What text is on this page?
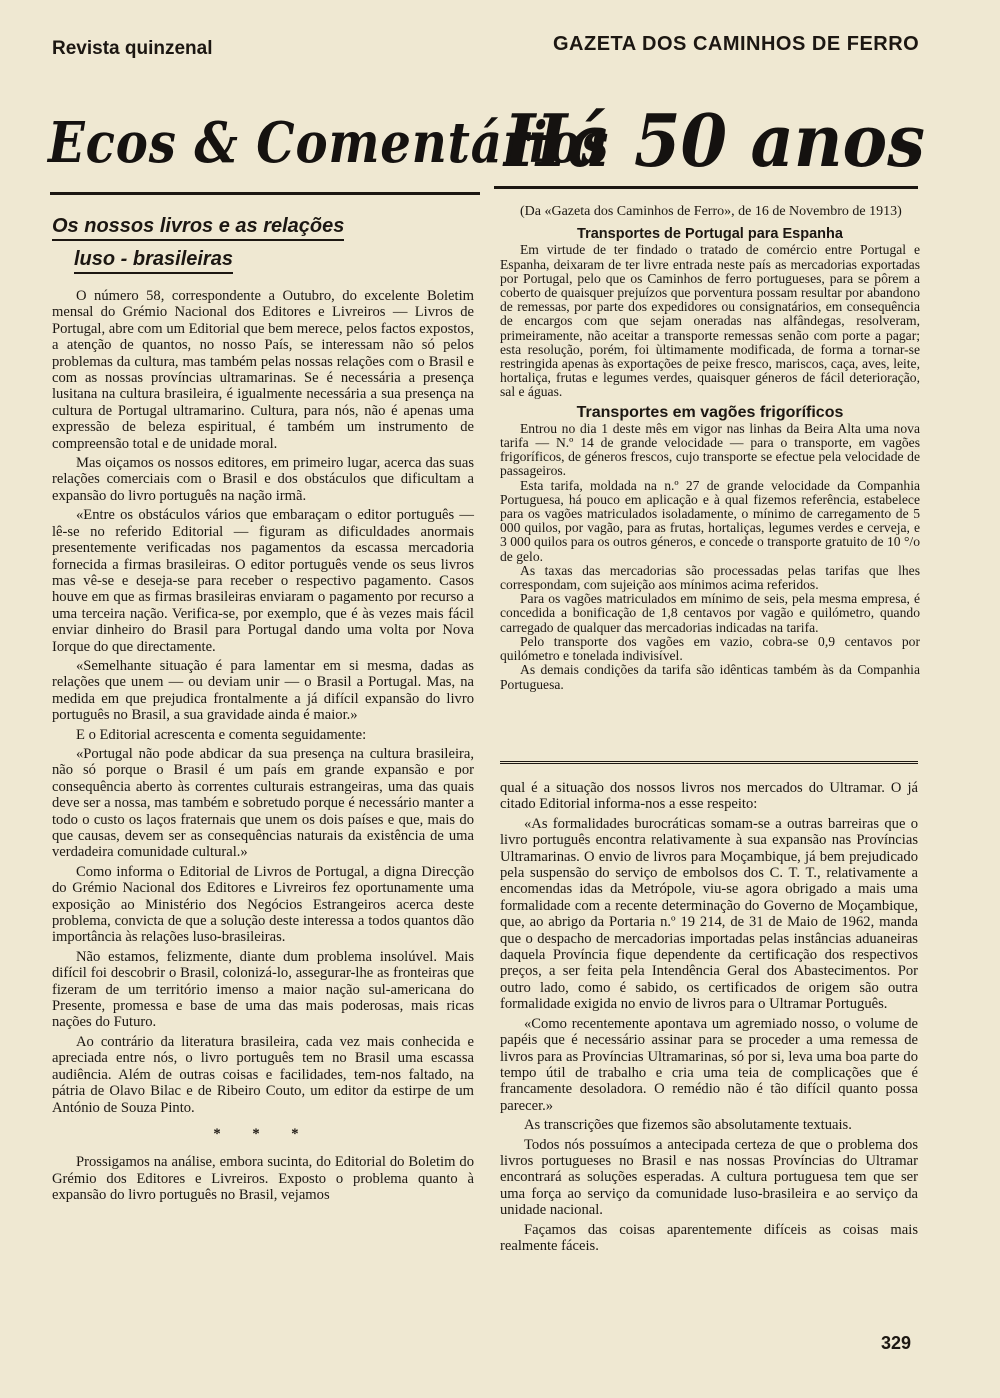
Revista quinzenal	GAZETA DOS CAMINHOS DE FERRO
Ecos & Comentários
Há 50 anos
Os nossos livros e as relações
luso - brasileiras

O número 58, correspondente a Outubro, do excelente Boletim mensal do Grémio Nacional dos Editores e Livreiros — Livros de Portugal, abre com um Editorial que bem merece, pelos factos expostos, a atenção de quantos, no nosso País, se interessam não só pelos problemas da cultura, mas também pelas nossas relações com o Brasil e com as nossas províncias ultramarinas. Se é necessária a presença lusitana na cultura brasileira, é igualmente necessária a sua presença na cultura de Portugal ultramarino. Cultura, para nós, não é apenas uma expressão de beleza espiritual, é também um instrumento de compreensão total e de unidade moral.

Mas oiçamos os nossos editores, em primeiro lugar, acerca das suas relações comerciais com o Brasil e dos obstáculos que dificultam a expansão do livro português na nação irmã.

«Entre os obstáculos vários que embaraçam o editor português — lê-se no referido Editorial — figuram as dificuldades anormais presentemente verificadas nos pagamentos da escassa mercadoria fornecida a firmas brasileiras. O editor português vende os seus livros mas vê-se e deseja-se para receber o respectivo pagamento. Casos houve em que as firmas brasileiras enviaram o pagamento por recurso a uma terceira nação. Verifica-se, por exemplo, que é às vezes mais fácil enviar dinheiro do Brasil para Portugal dando uma volta por Nova Iorque do que directamente.

«Semelhante situação é para lamentar em si mesma, dadas as relações que unem — ou deviam unir — o Brasil a Portugal. Mas, na medida em que prejudica frontalmente a já difícil expansão do livro português no Brasil, a sua gravidade ainda é maior.»

E o Editorial acrescenta e comenta seguidamente:

«Portugal não pode abdicar da sua presença na cultura brasileira, não só porque o Brasil é um país em grande expansão e por consequência aberto às correntes culturais estrangeiras, uma das quais deve ser a nossa, mas também e sobretudo porque é necessário manter a todo o custo os laços fraternais que unem os dois países e que, mais do que causas, devem ser as consequências naturais da existência de uma verdadeira comunidade cultural.»

Como informa o Editorial de Livros de Portugal, a digna Direcção do Grémio Nacional dos Editores e Livreiros fez oportunamente uma exposição ao Ministério dos Negócios Estrangeiros acerca deste problema, convicta de que a solução deste interessa a todos quantos dão importância às relações luso-brasileiras.

Não estamos, felizmente, diante dum problema insolúvel. Mais difícil foi descobrir o Brasil, colonizá-lo, assegurar-lhe as fronteiras que fizeram de um território imenso a maior nação sul-americana do Presente, promessa e base de uma das mais poderosas, mais ricas nações do Futuro.

Ao contrário da literatura brasileira, cada vez mais conhecida e apreciada entre nós, o livro português tem no Brasil uma escassa audiência. Além de outras coisas e facilidades, tem-nos faltado, na pátria de Olavo Bilac e de Ribeiro Couto, um editor da estirpe de um António de Souza Pinto.

* * *

Prossigamos na análise, embora sucinta, do Editorial do Boletim do Grémio dos Editores e Livreiros. Exposto o problema quanto à expansão do livro português no Brasil, vejamos

(Da «Gazeta dos Caminhos de Ferro», de 16 de Novembro de 1913)

Transportes de Portugal para Espanha

Em virtude de ter findado o tratado de comércio entre Portugal e Espanha, deixaram de ter livre entrada neste país as mercadorias exportadas por Portugal, pelo que os Caminhos de ferro portugueses, para se pôrem a coberto de quaisquer prejuízos que porventura possam resultar por abandono de remessas, por parte dos expedidores ou consignatários, em consequência de encargos com que sejam oneradas nas alfândegas, resolveram, primeiramente, não aceitar a transporte remessas senão com porte a pagar; esta resolução, porém, foi ùltimamente modificada, de forma a tornar-se restringida apenas às exportações de peixe fresco, mariscos, caça, aves, leite, hortaliça, frutas e legumes verdes, quaisquer géneros de fácil deterioração, sal e águas.

Transportes em vagões frigoríficos

Entrou no dia 1 deste mês em vigor nas linhas da Beira Alta uma nova tarifa — N.º 14 de grande velocidade — para o transporte, em vagões frigoríficos, de géneros frescos, cujo transporte se efectue pela velocidade de passageiros.

Esta tarifa, moldada na n.º 27 de grande velocidade da Companhia Portuguesa, há pouco em aplicação e à qual fizemos referência, estabelece para os vagões matriculados isoladamente, o mínimo de carregamento de 5 000 quilos, por vagão, para as frutas, hortaliças, legumes verdes e cerveja, e 3 000 quilos para os outros géneros, e concede o transporte gratuito de 10 °/o de gelo.

As taxas das mercadorias são processadas pelas tarifas que lhes correspondam, com sujeição aos mínimos acima referidos.

Para os vagões matriculados em mínimo de seis, pela mesma empresa, é concedida a bonificação de 1,8 centavos por vagão e quilómetro, quando carregado de qualquer das mercadorias indicadas na tarifa.

Pelo transporte dos vagões em vazio, cobra-se 0,9 centavos por quilómetro e tonelada indivisível.

As demais condições da tarifa são idênticas também às da Companhia Portuguesa.

qual é a situação dos nossos livros nos mercados do Ultramar. O já citado Editorial informa-nos a esse respeito:

«As formalidades burocráticas somam-se a outras barreiras que o livro português encontra relativamente à sua expansão nas Províncias Ultramarinas. O envio de livros para Moçambique, já bem prejudicado pela suspensão do serviço de embolsos dos C. T. T., relativamente a encomendas idas da Metrópole, viu-se agora obrigado a mais uma formalidade com a recente determinação do Governo de Moçambique, que, ao abrigo da Portaria n.º 19 214, de 31 de Maio de 1962, manda que o despacho de mercadorias importadas pelas instâncias aduaneiras daquela Província fique dependente da certificação dos respectivos preços, a ser feita pela Intendência Geral dos Abastecimentos. Por outro lado, como é sabido, os certificados de origem são outra formalidade exigida no envio de livros para o Ultramar Português.

«Como recentemente apontava um agremiado nosso, o volume de papéis que é necessário assinar para se proceder a uma remessa de livros para as Províncias Ultramarinas, só por si, leva uma boa parte do tempo útil de trabalho e cria uma teia de complicações que é francamente desoladora. O remédio não é tão difícil quanto possa parecer.»

As transcrições que fizemos são absolutamente textuais.

Todos nós possuímos a antecipada certeza de que o problema dos livros portugueses no Brasil e nas nossas Províncias do Ultramar encontrará as soluções esperadas. A cultura portuguesa tem que ser uma força ao serviço da comunidade luso-brasileira e ao serviço da unidade nacional.

Façamos das coisas aparentemente difíceis as coisas mais realmente fáceis.

329
